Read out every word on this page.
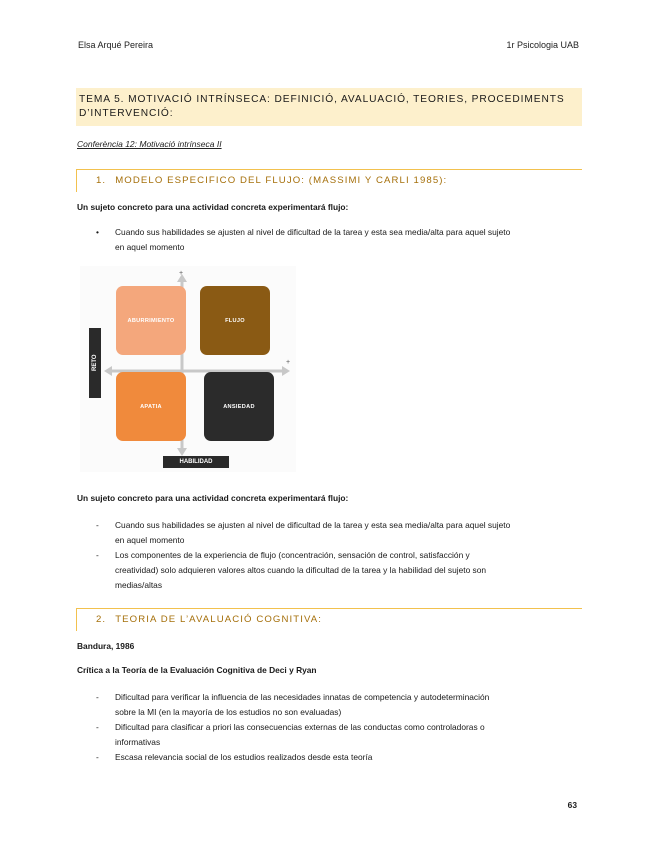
Elsa Arqué Pereira	1r Psicologia UAB
TEMA 5. MOTIVACIÓ INTRÍNSECA: DEFINICIÓ, AVALUACIÓ, TEORIES, PROCEDIMENTS
D’INTERVENCIÓ:
Conferència 12: Motivació intrínseca II
1. MODELO ESPECIFICO DEL FLUJO: (MASSIMI Y CARLI 1985):
Un sujeto concreto para una actividad concreta experimentará flujo:
• Cuando sus habilidades se ajusten al nivel de dificultad de la tarea y esta sea media/alta para aquel sujeto
en aquel momento
+
+
ABURRIMIENTO	FLUJO
APATIA	ANSIEDAD
RETO
HABILIDAD
Un sujeto concreto para una actividad concreta experimentará flujo:
- Cuando sus habilidades se ajusten al nivel de dificultad de la tarea y esta sea media/alta para aquel sujeto
en aquel momento
- Los componentes de la experiencia de flujo (concentración, sensación de control, satisfacción y
creatividad) solo adquieren valores altos cuando la dificultad de la tarea y la habilidad del sujeto son
medias/altas
2. TEORIA DE L’AVALUACIÓ COGNITIVA:
Bandura, 1986
Crítica a la Teoría de la Evaluación Cognitiva de Deci y Ryan
- Dificultad para verificar la influencia de las necesidades innatas de competencia y autodeterminación
sobre la MI (en la mayoría de los estudios no son evaluadas)
- Dificultad para clasificar a priori las consecuencias externas de las conductas como controladoras o
informativas
- Escasa relevancia social de los estudios realizados desde esta teoría
63
